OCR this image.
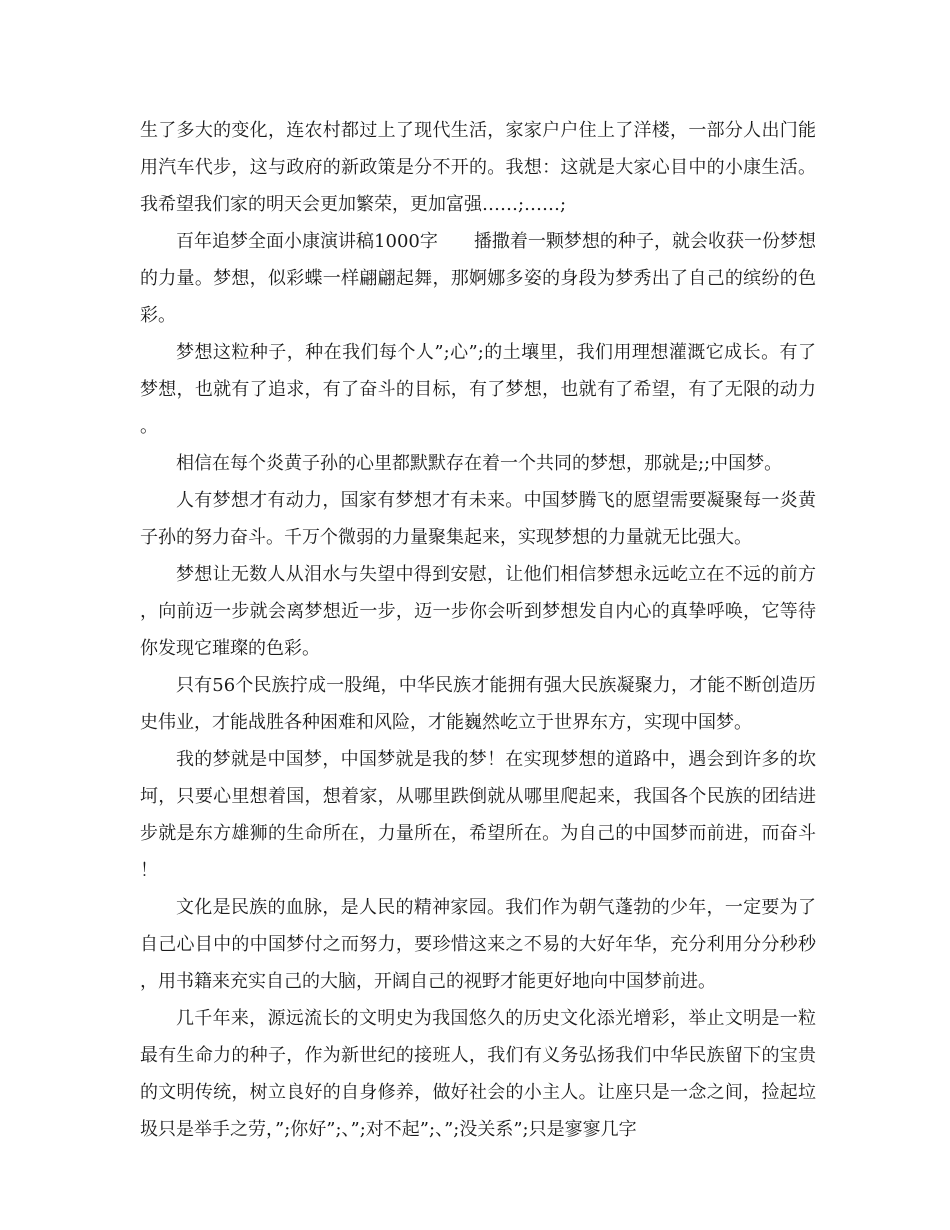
生了多大的变化，连农村都过上了现代生活，家家户户住上了洋楼，一部分人出门能用汽车代步，这与政府的新政策是分不开的。我想：这就是大家心目中的小康生活。我希望我们家的明天会更加繁荣，更加富强……;……;

百年追梦全面小康演讲稿1000字　　播撒着一颗梦想的种子，就会收获一份梦想的力量。梦想，似彩蝶一样翩翩起舞，那婀娜多姿的身段为梦秀出了自己的缤纷的色彩。

梦想这粒种子，种在我们每个人”;心”;的土壤里，我们用理想灌溉它成长。有了梦想，也就有了追求，有了奋斗的目标，有了梦想，也就有了希望，有了无限的动力。

相信在每个炎黄子孙的心里都默默存在着一个共同的梦想，那就是;;中国梦。

人有梦想才有动力，国家有梦想才有未来。中国梦腾飞的愿望需要凝聚每一炎黄子孙的努力奋斗。千万个微弱的力量聚集起来，实现梦想的力量就无比强大。

梦想让无数人从泪水与失望中得到安慰，让他们相信梦想永远屹立在不远的前方，向前迈一步就会离梦想近一步，迈一步你会听到梦想发自内心的真挚呼唤，它等待你发现它璀璨的色彩。

只有56个民族拧成一股绳，中华民族才能拥有强大民族凝聚力，才能不断创造历史伟业，才能战胜各种困难和风险，才能巍然屹立于世界东方，实现中国梦。

我的梦就是中国梦，中国梦就是我的梦！在实现梦想的道路中，遇会到许多的坎坷，只要心里想着国，想着家，从哪里跌倒就从哪里爬起来，我国各个民族的团结进步就是东方雄狮的生命所在，力量所在，希望所在。为自己的中国梦而前进，而奋斗！

文化是民族的血脉，是人民的精神家园。我们作为朝气蓬勃的少年，一定要为了自己心目中的中国梦付之而努力，要珍惜这来之不易的大好年华，充分利用分分秒秒，用书籍来充实自己的大脑，开阔自己的视野才能更好地向中国梦前进。

几千年来，源远流长的文明史为我国悠久的历史文化添光增彩，举止文明是一粒最有生命力的种子，作为新世纪的接班人，我们有义务弘扬我们中华民族留下的宝贵的文明传统，树立良好的自身修养，做好社会的小主人。让座只是一念之间，捡起垃圾只是举手之劳，”;你好”;、”;对不起”;、”;没关系”;只是寥寥几字
